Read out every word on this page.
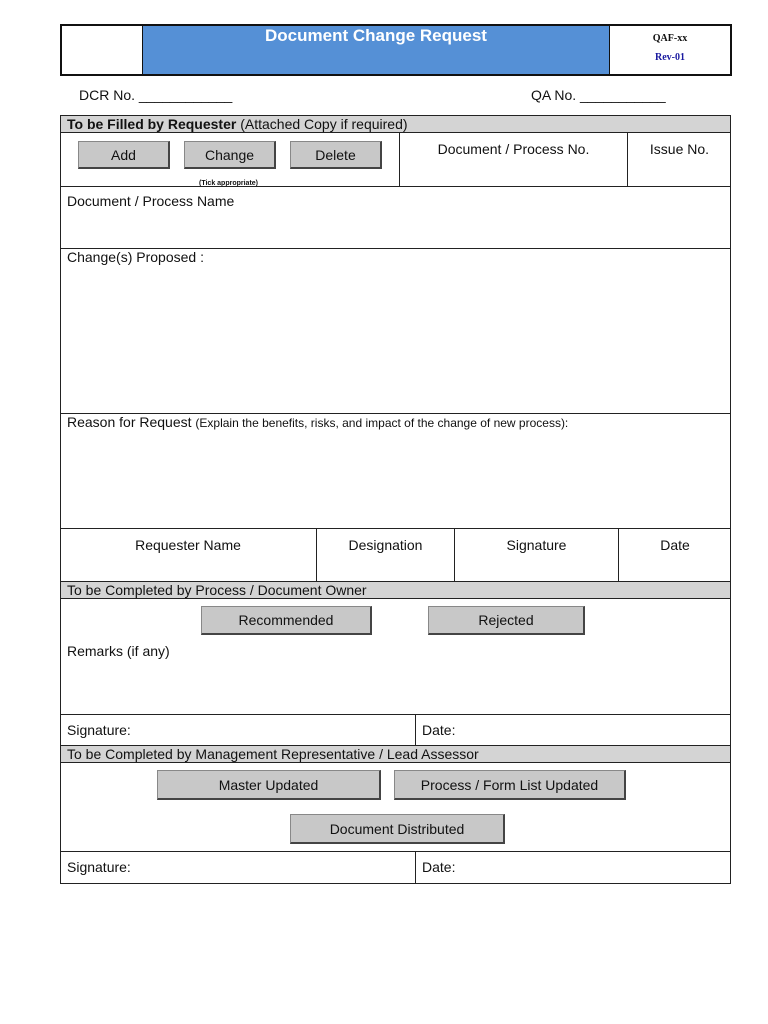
Document Change Request	QAF-xx
Rev-01
DCR No. ____________	QA No. ___________
To be Filled by Requester (Attached Copy if required)
Add	Change	Delete
(Tick appropriate)
Document / Process No.	Issue No.
Document / Process Name
Change(s) Proposed :
Reason for Request (Explain the benefits, risks, and impact of the change of new process):
Requester Name	Designation	Signature	Date
To be Completed by Process / Document Owner
Recommended	Rejected
Remarks (if any)
Signature:	Date:
To be Completed by Management Representative / Lead Assessor
Master Updated	Process / Form List Updated
Document Distributed
Signature:	Date:
